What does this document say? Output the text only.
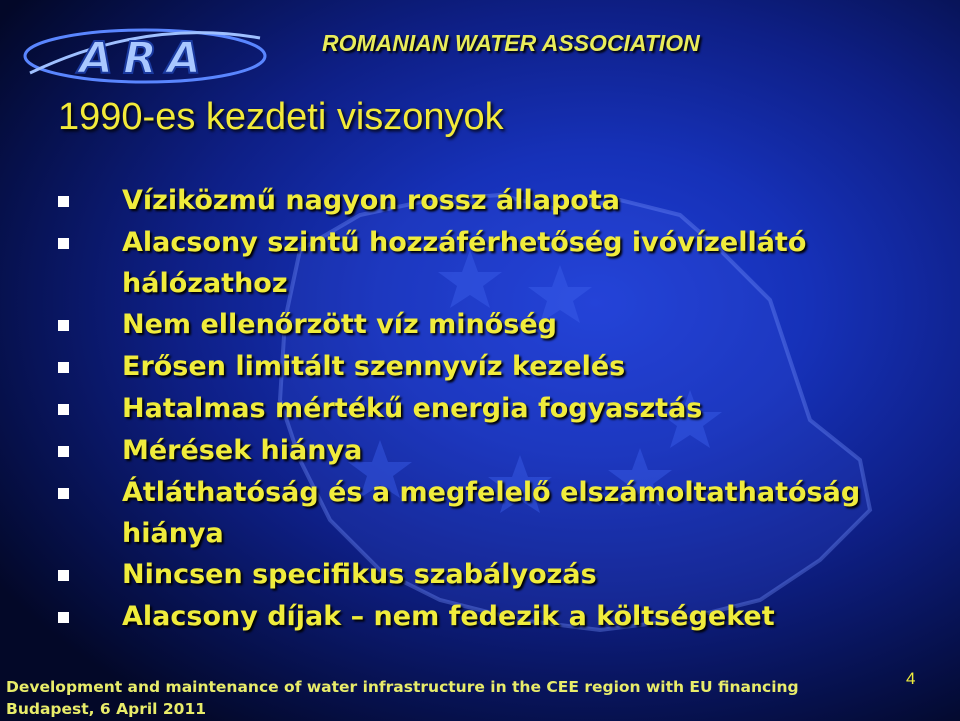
ARA	ROMANIAN WATER ASSOCIATION
1990-es kezdeti viszonyok
Víziközmű nagyon rossz állapota
Alacsony szintű hozzáférhetőség ivóvízellátó hálózathoz
Nem ellenőrzött víz minőség
Erősen limitált szennyvíz kezelés
Hatalmas mértékű energia fogyasztás
Mérések hiánya
Átláthatóság és a megfelelő elszámoltathatóság hiánya
Nincsen specifikus szabályozás
Alacsony díjak – nem fedezik a költségeket
Development and maintenance of water infrastructure in the CEE region with EU financing
Budapest, 6 April 2011
4
